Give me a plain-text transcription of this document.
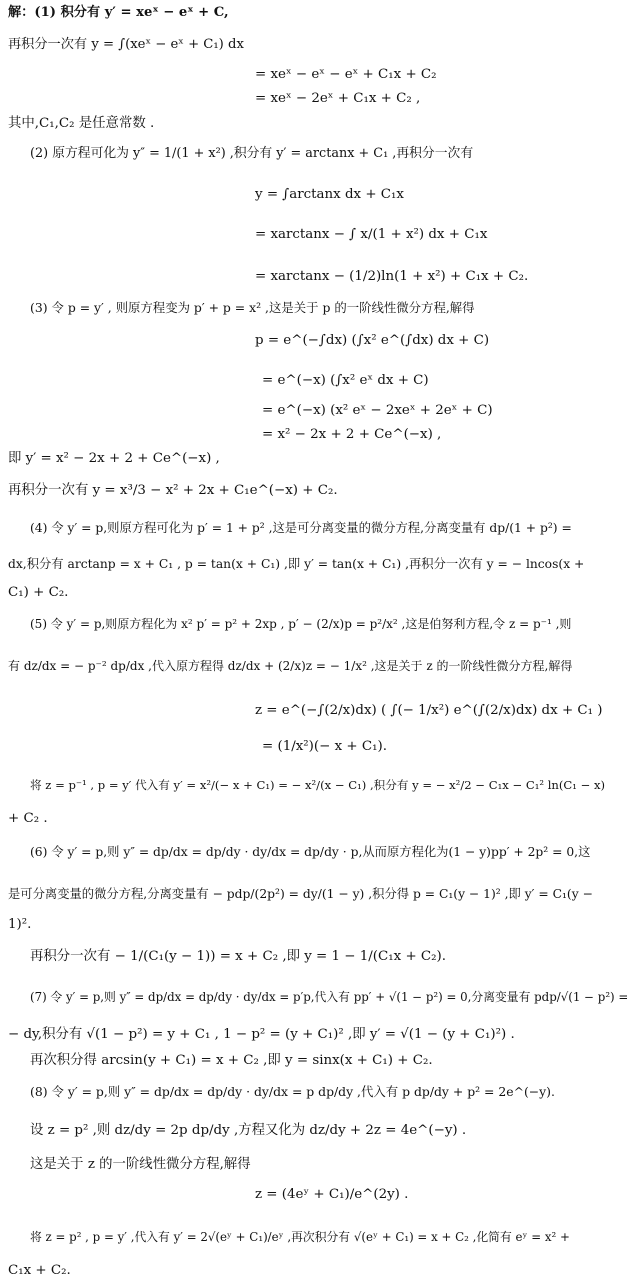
解：(1) 积分有 y′ = xeˣ − eˣ + C,

再积分一次有 y = ∫(xeˣ − eˣ + C₁) dx

= xeˣ − eˣ − eˣ + C₁x + C₂

= xeˣ − 2eˣ + C₁x + C₂ ,

其中,C₁,C₂ 是任意常数 .

(2) 原方程可化为 y″ = 1/(1 + x²) ,积分有 y′ = arctanx + C₁ ,再积分一次有

y = ∫arctanx dx + C₁x

= xarctanx − ∫ x/(1 + x²) dx + C₁x

= xarctanx − (1/2)ln(1 + x²) + C₁x + C₂.

(3) 令 p = y′ , 则原方程变为 p′ + p = x² ,这是关于 p 的一阶线性微分方程,解得

p = e^(−∫dx) (∫x² e^(∫dx) dx + C)

= e^(−x) (∫x² eˣ dx + C)

= e^(−x) (x² eˣ − 2xeˣ + 2eˣ + C)

= x² − 2x + 2 + Ce^(−x) ,

即 y′ = x² − 2x + 2 + Ce^(−x) ,

再积分一次有 y = x³/3 − x² + 2x + C₁e^(−x) + C₂.

(4) 令 y′ = p,则原方程可化为 p′ = 1 + p² ,这是可分离变量的微分方程,分离变量有 dp/(1 + p²) =

dx,积分有 arctanp = x + C₁ , p = tan(x + C₁) ,即 y′ = tan(x + C₁) ,再积分一次有 y = − lncos(x +

C₁) + C₂.

(5) 令 y′ = p,则原方程化为 x² p′ = p² + 2xp , p′ − (2/x)p = p²/x² ,这是伯努利方程,令 z = p⁻¹ ,则

有 dz/dx = − p⁻² dp/dx ,代入原方程得 dz/dx + (2/x)z = − 1/x² ,这是关于 z 的一阶线性微分方程,解得

z = e^(−∫(2/x)dx) ( ∫(− 1/x²) e^(∫(2/x)dx) dx + C₁ )

= (1/x²)(− x + C₁).

将 z = p⁻¹ , p = y′ 代入有 y′ = x²/(− x + C₁) = − x²/(x − C₁) ,积分有 y = − x²/2 − C₁x − C₁² ln(C₁ − x)

+ C₂ .

(6) 令 y′ = p,则 y″ = dp/dx = dp/dy · dy/dx = dp/dy · p,从而原方程化为(1 − y)pp′ + 2p² = 0,这

是可分离变量的微分方程,分离变量有 − pdp/(2p²) = dy/(1 − y) ,积分得 p = C₁(y − 1)² ,即 y′ = C₁(y −

1)².

再积分一次有 − 1/(C₁(y − 1)) = x + C₂ ,即 y = 1 − 1/(C₁x + C₂).

(7) 令 y′ = p,则 y″ = dp/dx = dp/dy · dy/dx = p′p,代入有 pp′ + √(1 − p²) = 0,分离变量有 pdp/√(1 − p²) =

− dy,积分有 √(1 − p²) = y + C₁ , 1 − p² = (y + C₁)² ,即 y′ = √(1 − (y + C₁)²) .

再次积分得 arcsin(y + C₁) = x + C₂ ,即 y = sinx(x + C₁) + C₂.

(8) 令 y′ = p,则 y″ = dp/dx = dp/dy · dy/dx = p dp/dy ,代入有 p dp/dy + p² = 2e^(−y).

设 z = p² ,则 dz/dy = 2p dp/dy ,方程又化为 dz/dy + 2z = 4e^(−y) .

这是关于 z 的一阶线性微分方程,解得

z = (4eʸ + C₁)/e^(2y) .

将 z = p² , p = y′ ,代入有 y′ = 2√(eʸ + C₁)/eʸ ,再次积分有 √(eʸ + C₁) = x + C₂ ,化简有 eʸ = x² +

C₁x + C₂.
